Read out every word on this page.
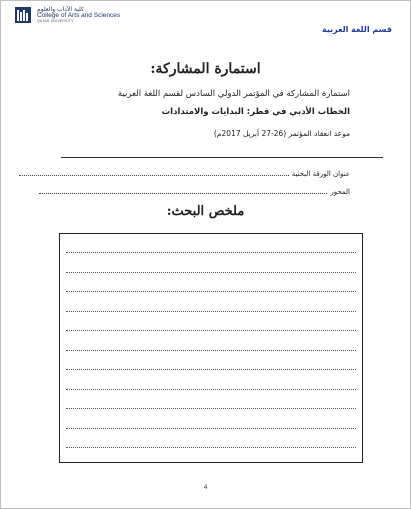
كلية الآداب والعلوم
College of Arts and Sciences
QATAR UNIVERSITY
قسم اللغة العربية
استمارة المشاركة:
استمارة المشاركة في المؤتمر الدولي السادس لقسم اللغة العربية
الخطاب الأدبي في قطر: البدايات والامتدادات
موعد انعقاد المؤتمر (26-27 أبريل 2017م)
عنوان الورقة البحثية
المحور
ملخص البحث:
4
